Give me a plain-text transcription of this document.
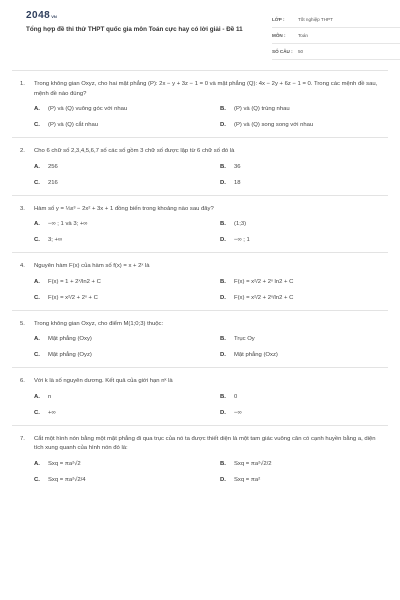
2048 VN
Tổng hợp đề thi thử THPT quốc gia môn Toán cực hay có lời giải - Đề 11
LỚP :	Tốt nghiệp THPT
MÔN :	Toán
SỐ CÂU :	50
1.	Trong không gian Oxyz, cho hai mặt phẳng (P): 2x − y + 3z − 1 = 0 và mặt phẳng (Q): 4x − 2y + 6z − 1 = 0. Trong các mệnh đề sau, mệnh đề nào đúng?
A.	(P) và (Q) vuông góc với nhau	B.	(P) và (Q) trùng nhau
C.	(P) và (Q) cắt nhau	D.	(P) và (Q) song song với nhau
2.	Cho 6 chữ số 2,3,4,5,6,7 số các số gồm 3 chữ số được lập từ 6 chữ số đó là
A.	256	B.	36
C.	216	D.	18
3.	Hàm số y = ⅓x³ − 2x² + 3x + 1 đồng biến trong khoảng nào sau đây?
A.	−∞ ; 1 và 3; +∞	B.	(1;3)
C.	3; +∞	D.	−∞ ; 1
4.	Nguyên hàm F(x) của hàm số f(x) = x + 2ˣ là
A.	F(x) = 1 + 2ˣ/ln2 + C	B.	F(x) = x²/2 + 2ˣ ln2 + C
C.	F(x) = x²/2 + 2ˣ + C	D.	F(x) = x²/2 + 2ˣ/ln2 + C
5.	Trong không gian Oxyz, cho điểm M(1;0;3) thuộc:
A.	Mặt phẳng (Oxy)	B.	Trục Oy
C.	Mặt phẳng (Oyz)	D.	Mặt phẳng (Oxz)
6.	Với k là số nguyên dương. Kết quả của giới hạn nᵏ là
A.	n	B.	0
C.	+∞	D.	−∞
7.	Cắt một hình nón bằng một mặt phẳng đi qua trục của nó ta được thiết diện là một tam giác vuông cân có cạnh huyền bằng a, diện tích xung quanh của hình nón đó là:
A.	Sxq = πa²√2	B.	Sxq = πa²√2/2
C.	Sxq = πa²√2/4	D.	Sxq = πa²
